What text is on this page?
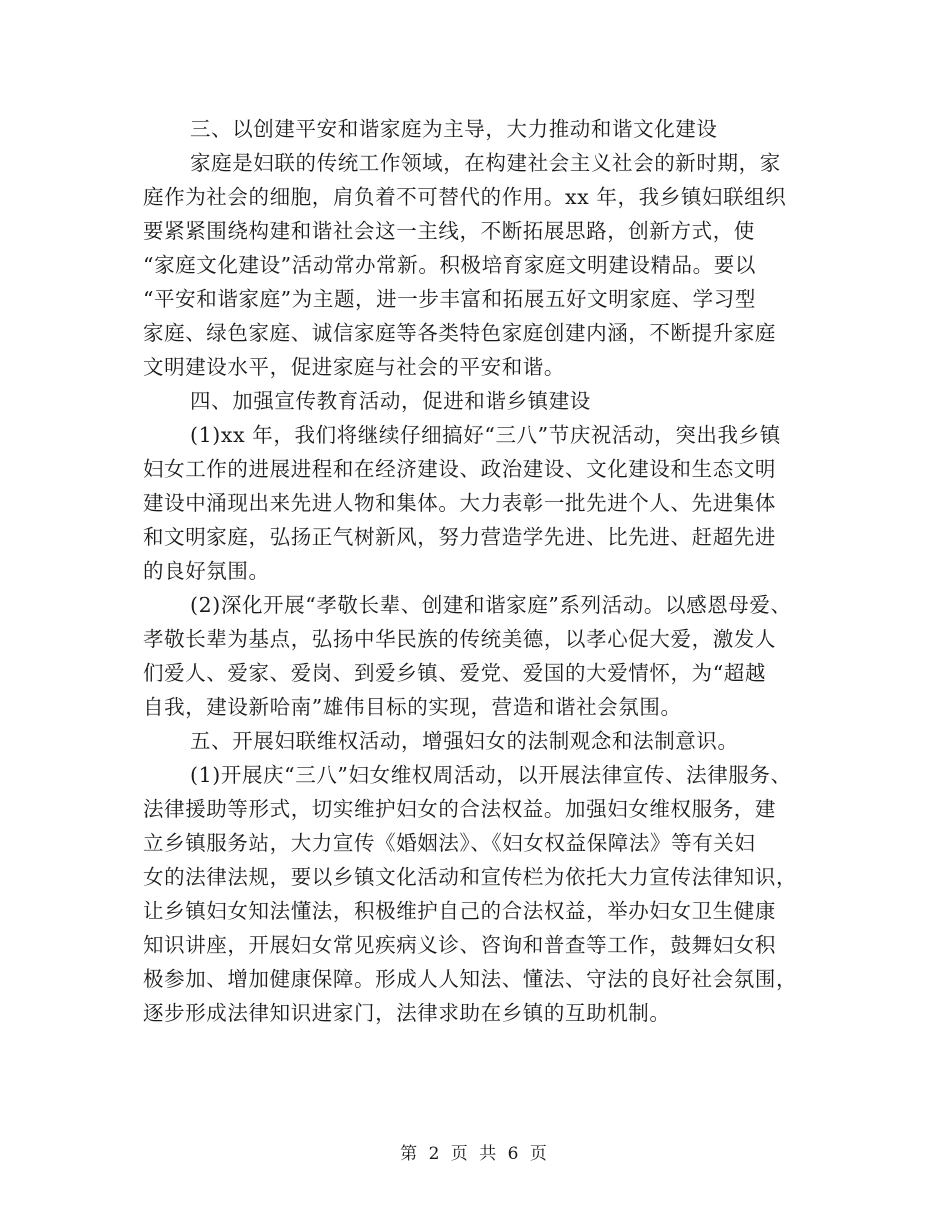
三、以创建平安和谐家庭为主导，大力推动和谐文化建设
家庭是妇联的传统工作领域，在构建社会主义社会的新时期，家
庭作为社会的细胞，肩负着不可替代的作用。xx 年，我乡镇妇联组织
要紧紧围绕构建和谐社会这一主线，不断拓展思路，创新方式，使
“家庭文化建设”活动常办常新。积极培育家庭文明建设精品。要以
“平安和谐家庭”为主题，进一步丰富和拓展五好文明家庭、学习型
家庭、绿色家庭、诚信家庭等各类特色家庭创建内涵，不断提升家庭
文明建设水平，促进家庭与社会的平安和谐。
四、加强宣传教育活动，促进和谐乡镇建设
(1)xx 年，我们将继续仔细搞好“三八”节庆祝活动，突出我乡镇
妇女工作的进展进程和在经济建设、政治建设、文化建设和生态文明
建设中涌现出来先进人物和集体。大力表彰一批先进个人、先进集体
和文明家庭，弘扬正气树新风，努力营造学先进、比先进、赶超先进
的良好氛围。
(2)深化开展“孝敬长辈、创建和谐家庭”系列活动。以感恩母爱、
孝敬长辈为基点，弘扬中华民族的传统美德，以孝心促大爱，激发人
们爱人、爱家、爱岗、到爱乡镇、爱党、爱国的大爱情怀，为“超越
自我，建设新哈南”雄伟目标的实现，营造和谐社会氛围。
五、开展妇联维权活动，增强妇女的法制观念和法制意识。
(1)开展庆“三八”妇女维权周活动，以开展法律宣传、法律服务、
法律援助等形式，切实维护妇女的合法权益。加强妇女维权服务，建
立乡镇服务站，大力宣传《婚姻法》、《妇女权益保障法》等有关妇
女的法律法规，要以乡镇文化活动和宣传栏为依托大力宣传法律知识，
让乡镇妇女知法懂法，积极维护自己的合法权益，举办妇女卫生健康
知识讲座，开展妇女常见疾病义诊、咨询和普查等工作，鼓舞妇女积
极参加、增加健康保障。形成人人知法、懂法、守法的良好社会氛围，
逐步形成法律知识进家门，法律求助在乡镇的互助机制。
第 2 页 共 6 页
